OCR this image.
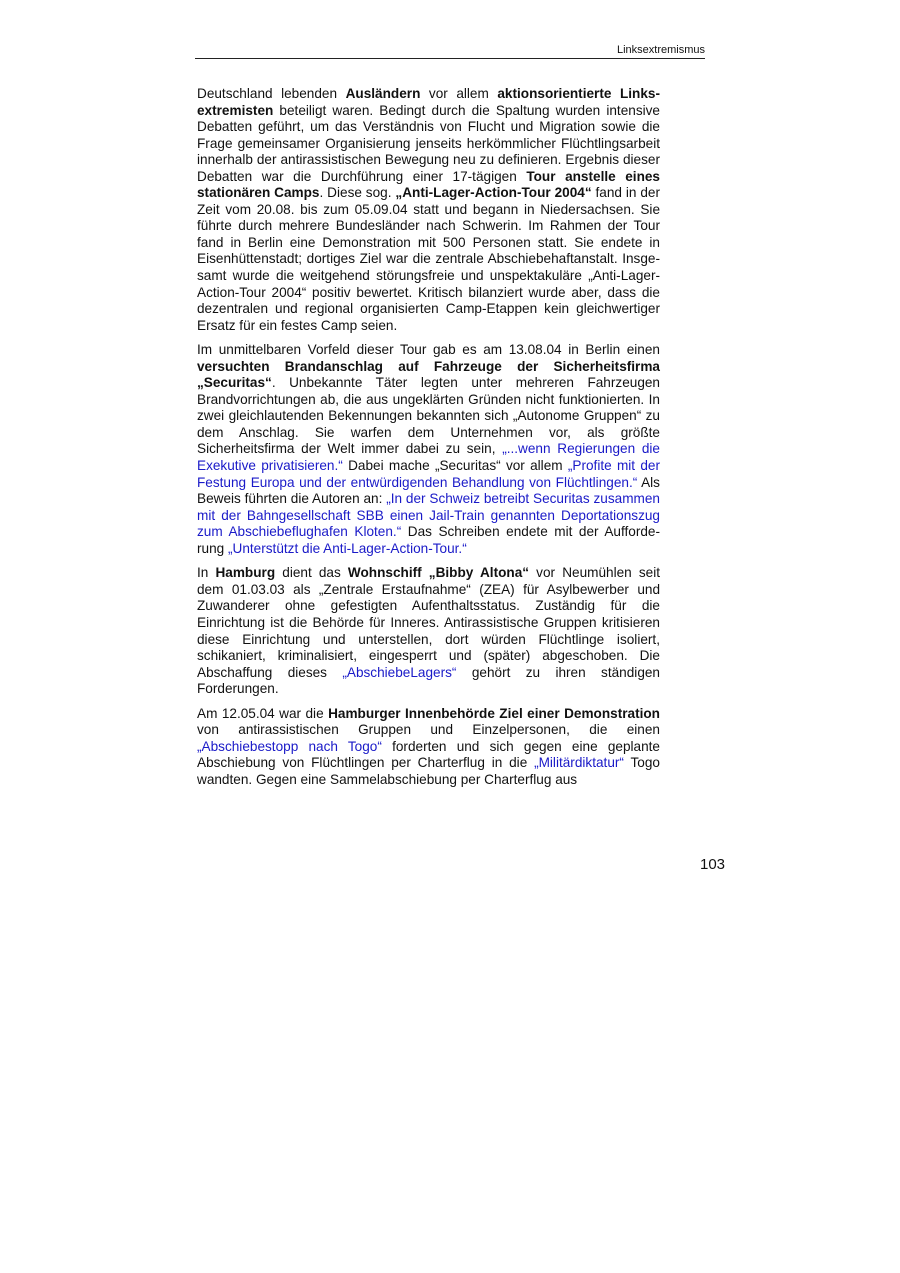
Linksextremismus

Deutschland lebenden Ausländern vor allem aktionsorientierte Linksextremisten beteiligt waren. Bedingt durch die Spaltung wurden intensive Debatten geführt, um das Verständnis von Flucht und Migration sowie die Frage gemeinsamer Organisierung jenseits herkömmlicher Flüchtlingsarbeit innerhalb der antirassistischen Bewegung neu zu definieren. Ergebnis dieser Debatten war die Durchführung einer 17-tägigen Tour anstelle eines stationären Camps. Diese sog. „Anti-Lager-Action-Tour 2004“ fand in der Zeit vom 20.08. bis zum 05.09.04 statt und begann in Niedersachsen. Sie führte durch mehrere Bundesländer nach Schwerin. Im Rahmen der Tour fand in Berlin eine Demonstration mit 500 Personen statt. Sie endete in Eisenhüttenstadt; dortiges Ziel war die zentrale Abschiebehaftanstalt. Insgesamt wurde die weitgehend störungsfreie und unspektakuläre „Anti-Lager-Action-Tour 2004“ positiv bewertet. Kritisch bilanziert wurde aber, dass die dezentralen und regional organisierten Camp-Etappen kein gleichwertiger Ersatz für ein festes Camp seien.

Im unmittelbaren Vorfeld dieser Tour gab es am 13.08.04 in Berlin einen versuchten Brandanschlag auf Fahrzeuge der Sicherheitsfirma „Securitas“. Unbekannte Täter legten unter mehreren Fahrzeugen Brandvorrichtungen ab, die aus ungeklärten Gründen nicht funktionierten. In zwei gleichlautenden Bekennungen bekannten sich „Autonome Gruppen“ zu dem Anschlag. Sie warfen dem Unternehmen vor, als größte Sicherheitsfirma der Welt immer dabei zu sein, „...wenn Regierungen die Exekutive privatisieren.“ Dabei mache „Securitas“ vor allem „Profite mit der Festung Europa und der entwürdigenden Behandlung von Flüchtlingen.“ Als Beweis führten die Autoren an: „In der Schweiz betreibt Securitas zusammen mit der Bahngesellschaft SBB einen Jail-Train genannten Deportationszug zum Abschiebeflughafen Kloten.“ Das Schreiben endete mit der Aufforderung „Unterstützt die Anti-Lager-Action-Tour.“

In Hamburg dient das Wohnschiff „Bibby Altona“ vor Neumühlen seit dem 01.03.03 als „Zentrale Erstaufnahme“ (ZEA) für Asylbewerber und Zuwanderer ohne gefestigten Aufenthaltsstatus. Zuständig für die Einrichtung ist die Behörde für Inneres. Antirassistische Gruppen kritisieren diese Einrichtung und unterstellen, dort würden Flüchtlinge isoliert, schikaniert, kriminalisiert, eingesperrt und (später) abgeschoben. Die Abschaffung dieses „AbschiebeLagers“ gehört zu ihren ständigen Forderungen.

Am 12.05.04 war die Hamburger Innenbehörde Ziel einer Demonstration von antirassistischen Gruppen und Einzelpersonen, die einen „Abschiebestopp nach Togo“ forderten und sich gegen eine geplante Abschiebung von Flüchtlingen per Charterflug in die „Militärdiktatur“ Togo wandten. Gegen eine Sammelabschiebung per Charterflug aus

103
